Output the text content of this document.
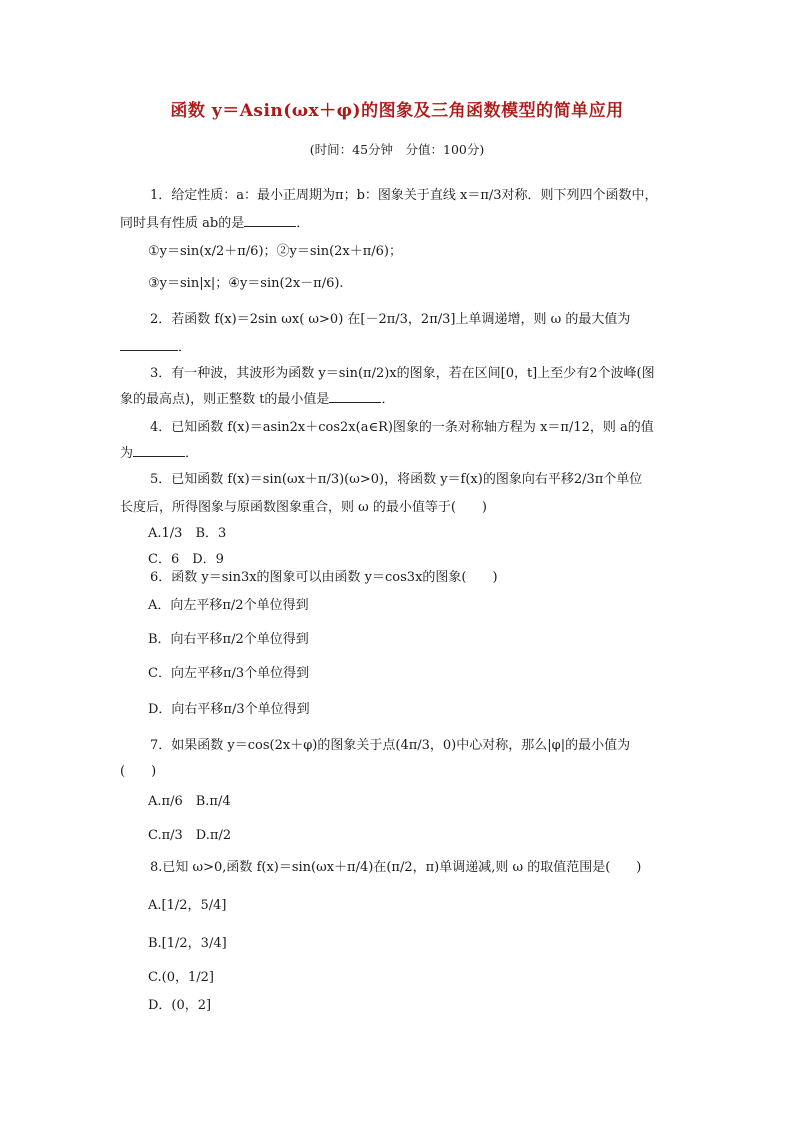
函数 y＝Asin(ωx＋φ)的图象及三角函数模型的简单应用
(时间：45分钟　分值：100分)
1．给定性质：a：最小正周期为π；b：图象关于直线 x＝π/3对称．则下列四个函数中，
同时具有性质 ab的是	．
①y＝sin(x/2＋π/6)；②y＝sin(2x＋π/6)；
③y＝sin|x|；④y＝sin(2x－π/6).
2．若函数 f(x)＝2sin ωx( ω>0) 在[－2π/3，2π/3]上单调递增，则 ω 的最大值为
．
3．有一种波，其波形为函数 y＝sin(π/2)x的图象，若在区间[0，t]上至少有2个波峰(图
象的最高点)，则正整数 t的最小值是	．
4．已知函数 f(x)＝asin2x＋cos2x(a∈R)图象的一条对称轴方程为 x＝π/12，则 a的值
为	．
5．已知函数 f(x)＝sin(ωx＋π/3)(ω>0)，将函数 y＝f(x)的图象向右平移2/3π个单位
长度后，所得图象与原函数图象重合，则 ω 的最小值等于(　　)
A.1/3　B．3
C．6　D．9
6．函数 y＝sin3x的图象可以由函数 y＝cos3x的图象(　　)
A．向左平移π/2个单位得到
B．向右平移π/2个单位得到
C．向左平移π/3个单位得到
D．向右平移π/3个单位得到
7．如果函数 y＝cos(2x＋φ)的图象关于点(4π/3，0)中心对称，那么|φ|的最小值为
(　　)
A.π/6　B.π/4
C.π/3　D.π/2
8.已知 ω>0,函数 f(x)＝sin(ωx＋π/4)在(π/2，π)单调递减,则 ω 的取值范围是(　　)
A.[1/2，5/4]
B.[1/2，3/4]
C.(0，1/2]
D．(0，2]
